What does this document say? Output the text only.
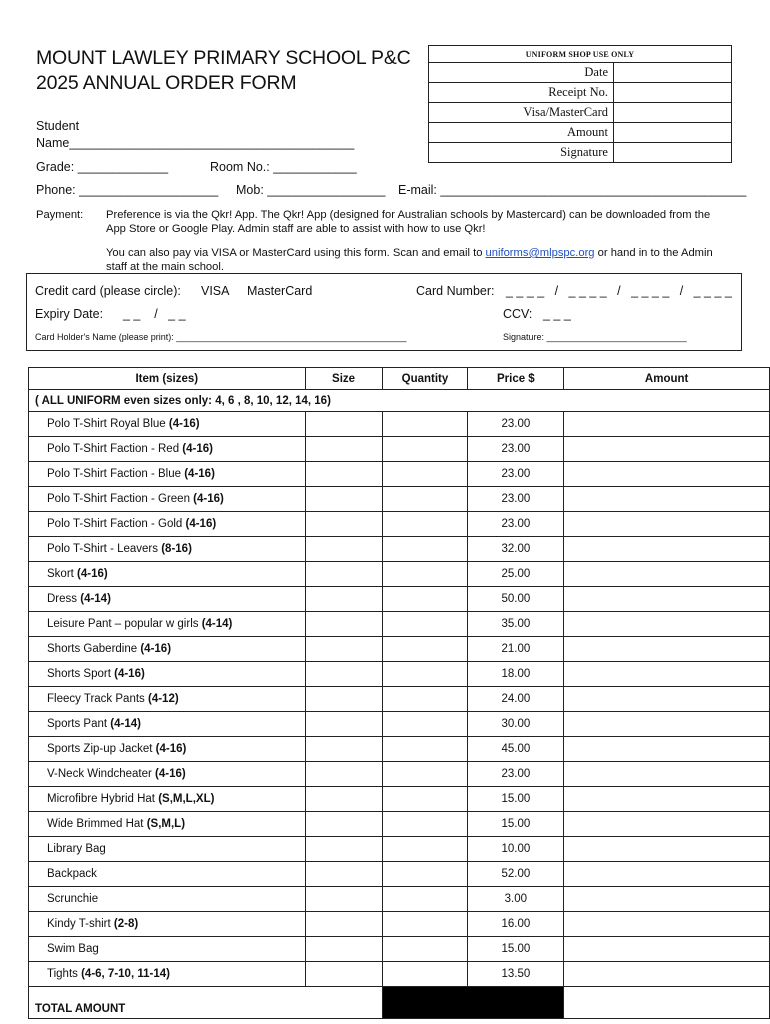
MOUNT LAWLEY PRIMARY SCHOOL P&C
2025 ANNUAL ORDER FORM
UNIFORM SHOP USE ONLY	
Date	
Receipt No.	
Visa/MasterCard	
Amount	
Signature	
Student
Name_________________________________________
Grade: _____________	Room No.: ____________
Phone: ____________________ Mob: _________________ E-mail: ____________________________________________
Payment: Preference is via the Qkr! App. The Qkr! App (designed for Australian schools by Mastercard) can be downloaded from the App Store or Google Play. Admin staff are able to assist with how to use Qkr!
You can also pay via VISA or MasterCard using this form. Scan and email to uniforms@mlpspc.org or hand in to the Admin staff at the main school.
Credit card (please circle): VISA MasterCard	Card Number: _ _ _ _   /   _ _ _ _   /   _ _ _ _   /   _ _ _ _
Expiry Date: _ _    /   _ _	CCV: _ _ _
Card Holder's Name (please print): ______________________________________________	Signature: ____________________________
Item (sizes)	Size	Quantity	Price $	Amount
( ALL UNIFORM even sizes only: 4, 6 , 8, 10, 12, 14, 16)				
Polo T-Shirt Royal Blue (4-16)			23.00	
Polo T-Shirt Faction - Red (4-16)			23.00	
Polo T-Shirt Faction - Blue (4-16)			23.00	
Polo T-Shirt Faction - Green (4-16)			23.00	
Polo T-Shirt Faction - Gold (4-16)			23.00	
Polo T-Shirt - Leavers (8-16)			32.00	
Skort (4-16)			25.00	
Dress (4-14)			50.00	
Leisure Pant – popular w girls (4-14)			35.00	
Shorts Gaberdine (4-16)			21.00	
Shorts Sport (4-16)			18.00	
Fleecy Track Pants (4-12)			24.00	
Sports Pant (4-14)			30.00	
Sports Zip-up Jacket (4-16)			45.00	
V-Neck Windcheater (4-16)			23.00	
Microfibre Hybrid Hat (S,M,L,XL)			15.00	
Wide Brimmed Hat (S,M,L)			15.00	
Library Bag			10.00	
Backpack			52.00	
Scrunchie			3.00	
Kindy T-shirt (2-8)			16.00	
Swim Bag			15.00	
Tights (4-6, 7-10, 11-14)			13.50	
TOTAL AMOUNT				
